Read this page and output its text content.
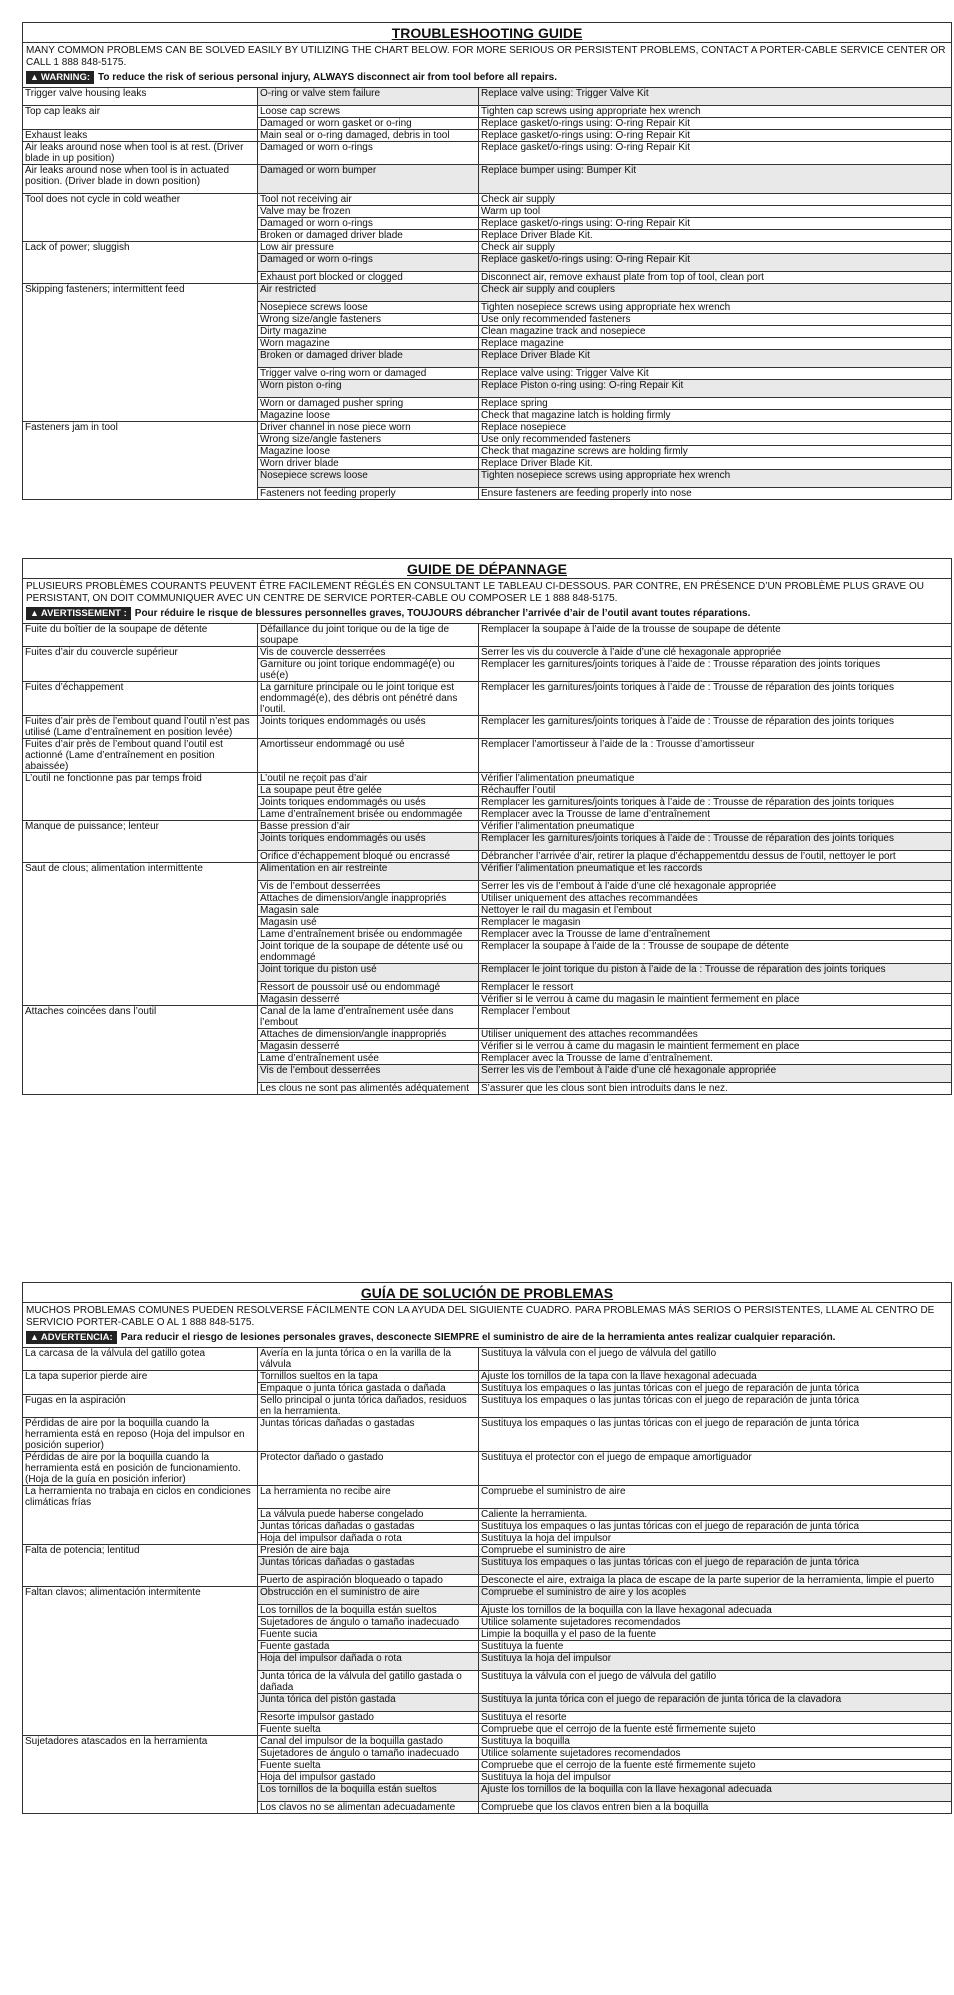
TROUBLESHOOTING GUIDE
MANY COMMON PROBLEMS CAN BE SOLVED EASILY BY UTILIZING THE CHART BELOW. FOR MORE SERIOUS OR PERSISTENT PROBLEMS, CONTACT A PORTER-CABLE SERVICE CENTER OR CALL 1 888 848-5175.
▲ WARNING: To reduce the risk of serious personal injury, ALWAYS disconnect air from tool before all repairs.
Trigger valve housing leaks	O-ring or valve stem failure	Replace valve using: Trigger Valve Kit
Top cap leaks air	Loose cap screws	Tighten cap screws using appropriate hex wrench
	Damaged or worn gasket or o-ring	Replace gasket/o-rings using: O-ring Repair Kit
Exhaust leaks	Main seal or o-ring damaged, debris in tool	Replace gasket/o-rings using: O-ring Repair Kit
Air leaks around nose when tool is at rest. (Driver blade in up position)	Damaged or worn o-rings	Replace gasket/o-rings using: O-ring Repair Kit
Air leaks around nose when tool is in actuated position. (Driver blade in down position)	Damaged or worn bumper	Replace bumper using: Bumper Kit
Tool does not cycle in cold weather	Tool not receiving air	Check air supply
	Valve may be frozen	Warm up tool
	Damaged or worn o-rings	Replace gasket/o-rings using: O-ring Repair Kit
	Broken or damaged driver blade	Replace Driver Blade Kit.
Lack of power; sluggish	Low air pressure	Check air supply
	Damaged or worn o-rings	Replace gasket/o-rings using: O-ring Repair Kit
	Exhaust port blocked or clogged	Disconnect air, remove exhaust plate from top of tool, clean port
Skipping fasteners; intermittent feed	Air restricted	Check air supply and couplers
	Nosepiece screws loose	Tighten nosepiece screws using appropriate hex wrench
	Wrong size/angle fasteners	Use only recommended fasteners
	Dirty magazine	Clean magazine track and nosepiece
	Worn magazine	Replace magazine
	Broken or damaged driver blade	Replace Driver Blade Kit
	Trigger valve o-ring worn or damaged	Replace valve using: Trigger Valve Kit
	Worn piston o-ring	Replace Piston o-ring using: O-ring Repair Kit
	Worn or damaged pusher spring	Replace spring
	Magazine loose	Check that magazine latch is holding firmly
Fasteners jam in tool	Driver channel in nose piece worn	Replace nosepiece
	Wrong size/angle fasteners	Use only recommended fasteners
	Magazine loose	Check that magazine screws are holding firmly
	Worn driver blade	Replace Driver Blade Kit.
	Nosepiece screws loose	Tighten nosepiece screws using appropriate hex wrench
	Fasteners not feeding properly	Ensure fasteners are feeding properly into nose
GUIDE DE DÉPANNAGE
PLUSIEURS PROBLÈMES COURANTS PEUVENT ÊTRE FACILEMENT RÉGLÉS EN CONSULTANT LE TABLEAU CI-DESSOUS. PAR CONTRE, EN PRÉSENCE D’UN PROBLÈME PLUS GRAVE OU PERSISTANT, ON DOIT COMMUNIQUER AVEC UN CENTRE DE SERVICE PORTER-CABLE OU COMPOSER LE 1 888 848-5175.
▲ AVERTISSEMENT : Pour réduire le risque de blessures personnelles graves, TOUJOURS débrancher l’arrivée d’air de l’outil avant toutes réparations.
Fuite du boîtier de la soupape de détente	Défaillance du joint torique ou de la tige de soupape	Remplacer la soupape à l’aide de la trousse de soupape de détente
Fuites d’air du couvercle supérieur	Vis de couvercle desserrées	Serrer les vis du couvercle à l’aide d’une clé hexagonale appropriée
	Garniture ou joint torique endommagé(e) ou usé(e)	Remplacer les garnitures/joints toriques à l’aide de : Trousse réparation des joints toriques
Fuites d’échappement	La garniture principale ou le joint torique est endommagé(e), des débris ont pénétré dans l’outil.	Remplacer les garnitures/joints toriques à l’aide de : Trousse de réparation des joints toriques
Fuites d’air près de l’embout quand l’outil n’est pas utilisé (Lame d’entraînement en position levée)	Joints toriques endommagés ou usés	Remplacer les garnitures/joints toriques à l’aide de : Trousse de réparation des joints toriques
Fuites d’air près de l’embout quand l’outil est actionné (Lame d’entraînement en position abaissée)	Amortisseur endommagé ou usé	Remplacer l’amortisseur à l’aide de la : Trousse d’amortisseur
L’outil ne fonctionne pas par temps froid	L’outil ne reçoit pas d’air	Vérifier l’alimentation pneumatique
	La soupape peut être gelée	Réchauffer l’outil
	Joints toriques endommagés ou usés	Remplacer les garnitures/joints toriques à l’aide de : Trousse de réparation des joints toriques
	Lame d’entraînement brisée ou endommagée	Remplacer avec la Trousse de lame d’entraînement
Manque de puissance; lenteur	Basse pression d’air	Vérifier l’alimentation pneumatique
	Joints toriques endommagés ou usés	Remplacer les garnitures/joints toriques à l’aide de : Trousse de réparation des joints toriques
	Orifice d’échappement bloqué ou encrassé	Débrancher l’arrivée d’air, retirer la plaque d’échappementdu dessus de l’outil, nettoyer le port
Saut de clous; alimentation intermittente	Alimentation en air restreinte	Vérifier l’alimentation pneumatique et les raccords
	Vis de l’embout desserrées	Serrer les vis de l’embout à l’aide d’une clé hexagonale appropriée
	Attaches de dimension/angle inappropriés	Utiliser uniquement des attaches recommandées
	Magasin sale	Nettoyer le rail du magasin et l’embout
	Magasin usé	Remplacer le magasin
	Lame d’entraînement brisée ou endommagée	Remplacer avec la Trousse de lame d’entraînement
	Joint torique de la soupape de détente usé ou endommagé	Remplacer la soupape à l’aide de la : Trousse de soupape de détente
	Joint torique du piston usé	Remplacer le joint torique du piston à l’aide de la : Trousse de réparation des joints toriques
	Ressort de poussoir usé ou endommagé	Remplacer le ressort
	Magasin desserré	Vérifier si le verrou à came du magasin le maintient fermement en place
Attaches coincées dans l’outil	Canal de la lame d’entraînement usée dans l’embout	Remplacer l’embout
	Attaches de dimension/angle inappropriés	Utiliser uniquement des attaches recommandées
	Magasin desserré	Vérifier si le verrou à came du magasin le maintient fermement en place
	Lame d’entraînement usée	Remplacer avec la Trousse de lame d’entraînement.
	Vis de l’embout desserrées	Serrer les vis de l’embout à l’aide d’une clé hexagonale appropriée
	Les clous ne sont pas alimentés adéquatement	S’assurer que les clous sont bien introduits dans le nez.
GUÍA DE SOLUCIÓN DE PROBLEMAS
MUCHOS PROBLEMAS COMUNES PUEDEN RESOLVERSE FÁCILMENTE CON LA AYUDA DEL SIGUIENTE CUADRO. PARA PROBLEMAS MÁS SERIOS O PERSISTENTES, LLAME AL CENTRO DE SERVICIO PORTER-CABLE O AL 1 888 848-5175.
▲ ADVERTENCIA: Para reducir el riesgo de lesiones personales graves, desconecte SIEMPRE el suministro de aire de la herramienta antes realizar cualquier reparación.
La carcasa de la válvula del gatillo gotea	Avería en la junta tórica o en la varilla de la válvula	Sustituya la válvula con el juego de válvula del gatillo
La tapa superior pierde aire	Tornillos sueltos en la tapa	Ajuste los tornillos de la tapa con la llave hexagonal adecuada
	Empaque o junta tórica gastada o dañada	Sustituya los empaques o las juntas tóricas con el juego de reparación de junta tórica
Fugas en la aspiración	Sello principal o junta tórica dañados, residuos en la herramienta.	Sustituya los empaques o las juntas tóricas con el juego de reparación de junta tórica
Pérdidas de aire por la boquilla cuando la herramienta está en reposo (Hoja del impulsor en posición superior)	Juntas tóricas dañadas o gastadas	Sustituya los empaques o las juntas tóricas con el juego de reparación de junta tórica
Pérdidas de aire por la boquilla cuando la herramienta está en posición de funcionamiento. (Hoja de la guía en posición inferior)	Protector dañado o gastado	Sustituya el protector con el juego de empaque amortiguador
La herramienta no trabaja en ciclos en condiciones climáticas frías	La herramienta no recibe aire	Compruebe el suministro de aire
	La válvula puede haberse congelado	Caliente la herramienta.
	Juntas tóricas dañadas o gastadas	Sustituya los empaques o las juntas tóricas con el juego de reparación de junta tórica
	Hoja del impulsor dañada o rota	Sustituya la hoja del impulsor
Falta de potencia; lentitud	Presión de aire baja	Compruebe el suministro de aire
	Juntas tóricas dañadas o gastadas	Sustituya los empaques o las juntas tóricas con el juego de reparación de junta tórica
	Puerto de aspiración bloqueado o tapado	Desconecte el aire, extraiga la placa de escape de la parte superior de la herramienta, limpie el puerto
Faltan clavos; alimentación intermitente	Obstrucción en el suministro de aire	Compruebe el suministro de aire y los acoples
	Los tornillos de la boquilla están sueltos	Ajuste los tornillos de la boquilla con la llave hexagonal adecuada
	Sujetadores de ángulo o tamaño inadecuado	Utilice solamente sujetadores recomendados
	Fuente sucia	Limpie la boquilla y el paso de la fuente
	Fuente gastada	Sustituya la fuente
	Hoja del impulsor dañada o rota	Sustituya la hoja del impulsor
	Junta tórica de la válvula del gatillo gastada o dañada	Sustituya la válvula con el juego de válvula del gatillo
	Junta tórica del pistón gastada	Sustituya la junta tórica con el juego de reparación de junta tórica de la clavadora
	Resorte impulsor gastado	Sustituya el resorte
	Fuente suelta	Compruebe que el cerrojo de la fuente esté firmemente sujeto
Sujetadores atascados en la herramienta	Canal del impulsor de la boquilla gastado	Sustituya la boquilla
	Sujetadores de ángulo o tamaño inadecuado	Utilice solamente sujetadores recomendados
	Fuente suelta	Compruebe que el cerrojo de la fuente esté firmemente sujeto
	Hoja del impulsor gastado	Sustituya la hoja del impulsor
	Los tornillos de la boquilla están sueltos	Ajuste los tornillos de la boquilla con la llave hexagonal adecuada
	Los clavos no se alimentan adecuadamente	Compruebe que los clavos entren bien a la boquilla
